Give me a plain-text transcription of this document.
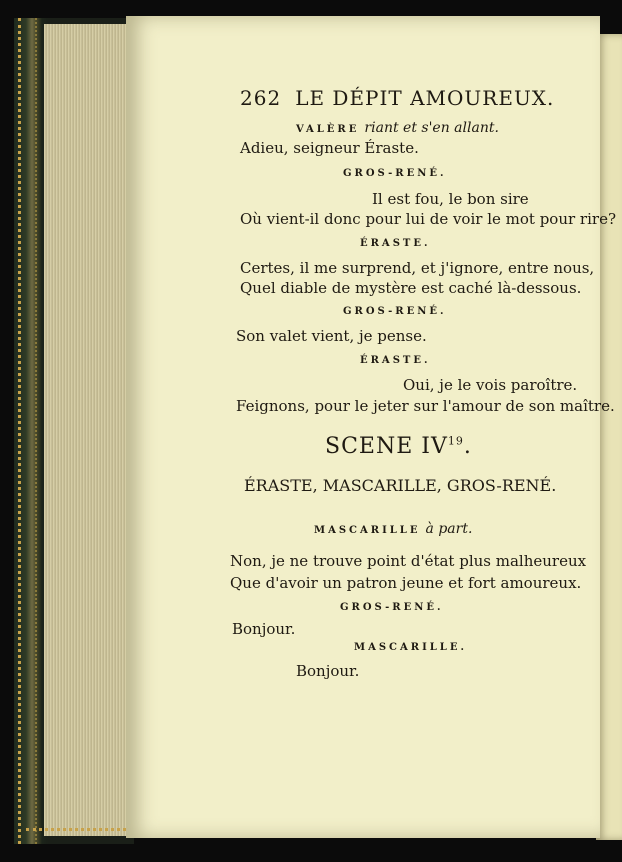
262 LE DÉPIT AMOUREUX.
VALÈRE riant et s'en allant.
Adieu, seigneur Éraste.
GROS-RENÉ.
Il est fou, le bon sire
Où vient-il donc pour lui de voir le mot pour rire?
ÉRASTE.
Certes, il me surprend, et j'ignore, entre nous,
Quel diable de mystère est caché là-dessous.
GROS-RENÉ.
Son valet vient, je pense.
ÉRASTE.
Oui, je le vois paroître.
Feignons, pour le jeter sur l'amour de son maître.
SCENE IV$^{19}$.
ÉRASTE, MASCARILLE, GROS-RENÉ.
MASCARILLE à part.
Non, je ne trouve point d'état plus malheureux
Que d'avoir un patron jeune et fort amoureux.
GROS-RENÉ.
Bonjour.
MASCARILLE.
Bonjour.
